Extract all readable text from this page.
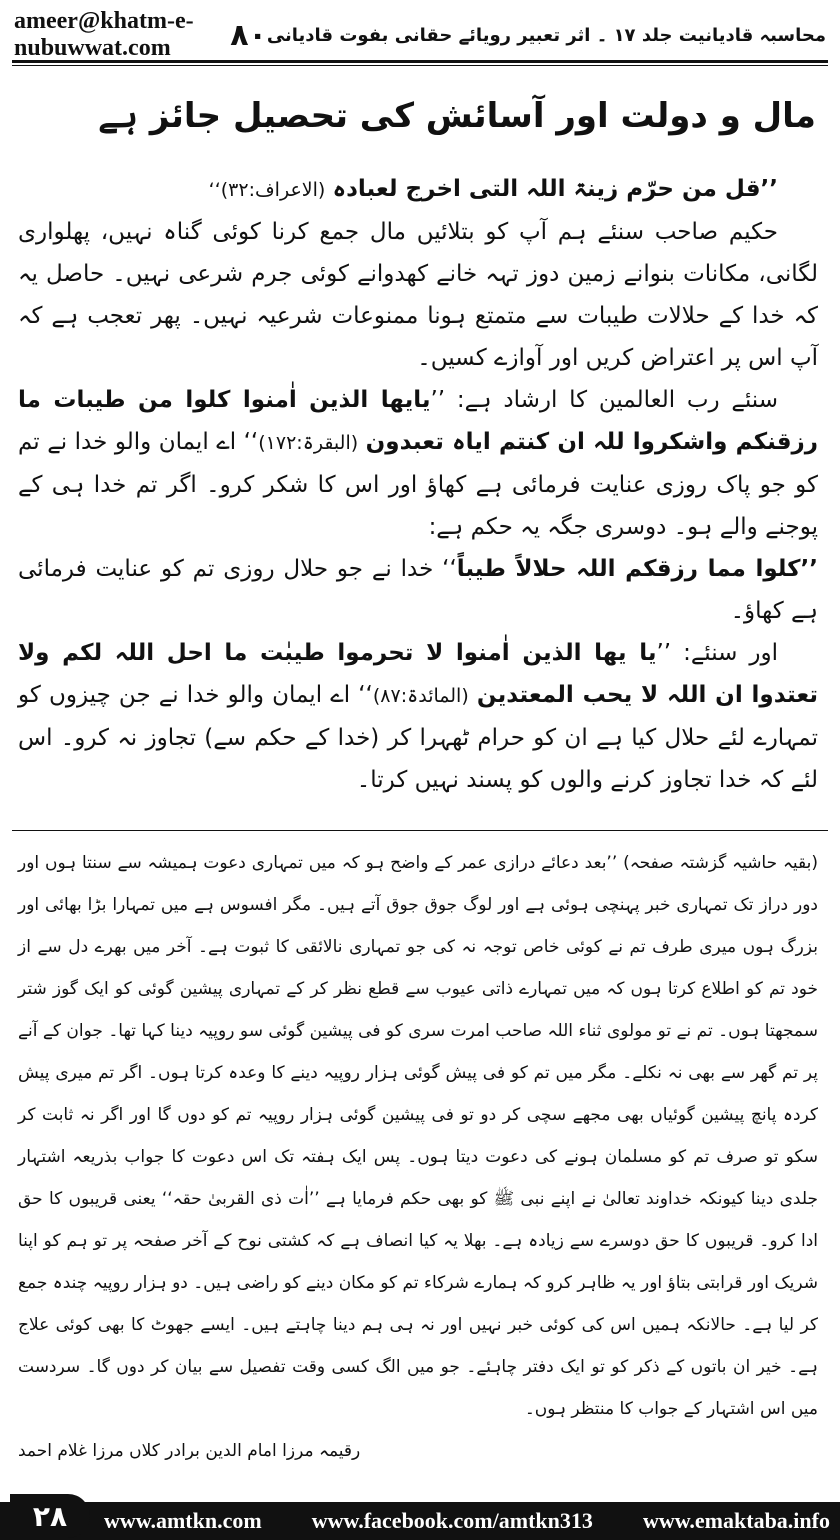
ameer@khatm-e-nubuwwat.com	٨٠ محاسبہ قادیانیت جلد ۱۷ ۔ اثر تعبیر رویائے حقانی بفوت قادیانی
مال و دولت اور آسائش کی تحصیل جائز ہے

’’قل من حرّم زینۃ اللہ التی اخرج لعبادہ (الاعراف:۳۲)‘‘

حکیم صاحب سنئے ہم آپ کو بتلائیں مال جمع کرنا کوئی گناہ نہیں، پھلواری لگانی، مکانات بنوانے زمین دوز تہہ خانے کھدوانے کوئی جرم شرعی نہیں۔ حاصل یہ کہ خدا کے حلالات طیبات سے متمتع ہونا ممنوعات شرعیہ نہیں۔ پھر تعجب ہے کہ آپ اس پر اعتراض کریں اور آوازے کسیں۔

سنئے رب العالمین کا ارشاد ہے: ’’یایھا الذین اٰمنوا کلوا من طیبات ما رزقنکم واشکروا للہ ان کنتم ایاہ تعبدون (البقرۃ:۱۷۲)‘‘ اے ایمان والو خدا نے تم کو جو پاک روزی عنایت فرمائی ہے کھاؤ اور اس کا شکر کرو۔ اگر تم خدا ہی کے پوجنے والے ہو۔ دوسری جگہ یہ حکم ہے:

’’کلوا مما رزقکم اللہ حلالاً طیباً‘‘ خدا نے جو حلال روزی تم کو عنایت فرمائی ہے کھاؤ۔

اور سنئے: ’’یا یھا الذین اٰمنوا لا تحرموا طیبٰت ما احل اللہ لکم ولا تعتدوا ان اللہ لا یحب المعتدین (المائدۃ:۸۷)‘‘ اے ایمان والو خدا نے جن چیزوں کو تمہارے لئے حلال کیا ہے ان کو حرام ٹھہرا کر (خدا کے حکم سے) تجاوز نہ کرو۔ اس لئے کہ خدا تجاوز کرنے والوں کو پسند نہیں کرتا۔

(بقیہ حاشیہ گزشتہ صفحہ) ’’بعد دعائے درازی عمر کے واضح ہو کہ میں تمہاری دعوت ہمیشہ سے سنتا ہوں اور دور دراز تک تمہاری خبر پہنچی ہوئی ہے اور لوگ جوق جوق آتے ہیں۔ مگر افسوس ہے میں تمہارا بڑا بھائی اور بزرگ ہوں میری طرف تم نے کوئی خاص توجہ نہ کی جو تمہاری نالائقی کا ثبوت ہے۔ آخر میں بھرے دل سے از خود تم کو اطلاع کرتا ہوں کہ میں تمہارے ذاتی عیوب سے قطع نظر کر کے تمہاری پیشین گوئی کو ایک گوز شتر سمجھتا ہوں۔ تم نے تو مولوی ثناء اللہ صاحب امرت سری کو فی پیشین گوئی سو روپیہ دینا کہا تھا۔ جوان کے آنے پر تم گھر سے بھی نہ نکلے۔ مگر میں تم کو فی پیش گوئی ہزار روپیہ دینے کا وعدہ کرتا ہوں۔ اگر تم میری پیش کردہ پانچ پیشین گوئیاں بھی مجھے سچی کر دو تو فی پیشین گوئی ہزار روپیہ تم کو دوں گا اور اگر نہ ثابت کر سکو تو صرف تم کو مسلمان ہونے کی دعوت دیتا ہوں۔ پس ایک ہفتہ تک اس دعوت کا جواب بذریعہ اشتہار جلدی دینا کیونکہ خداوند تعالیٰ نے اپنے نبی ﷺ کو بھی حکم فرمایا ہے ’’اٰت ذی القربیٰ حقہ‘‘ یعنی قریبوں کا حق ادا کرو۔ قریبوں کا حق دوسرے سے زیادہ ہے۔ بھلا یہ کیا انصاف ہے کہ کشتی نوح کے آخر صفحہ پر تو ہم کو اپنا شریک اور قرابتی بتاؤ اور یہ ظاہر کرو کہ ہمارے شرکاء تم کو مکان دینے کو راضی ہیں۔ دو ہزار روپیہ چندہ جمع کر لیا ہے۔ حالانکہ ہمیں اس کی کوئی خبر نہیں اور نہ ہی ہم دینا چاہتے ہیں۔ ایسے جھوٹ کا بھی کوئی علاج ہے۔ خیر ان باتوں کے ذکر کو تو ایک دفتر چاہئے۔ جو میں الگ کسی وقت تفصیل سے بیان کر دوں گا۔ سردست میں اس اشتہار کے جواب کا منتظر ہوں۔

رقیمہ مرزا امام الدین برادر کلاں مرزا غلام احمد

۲۸	www.amtkn.com www.facebook.com/amtkn313 www.emaktaba.info
